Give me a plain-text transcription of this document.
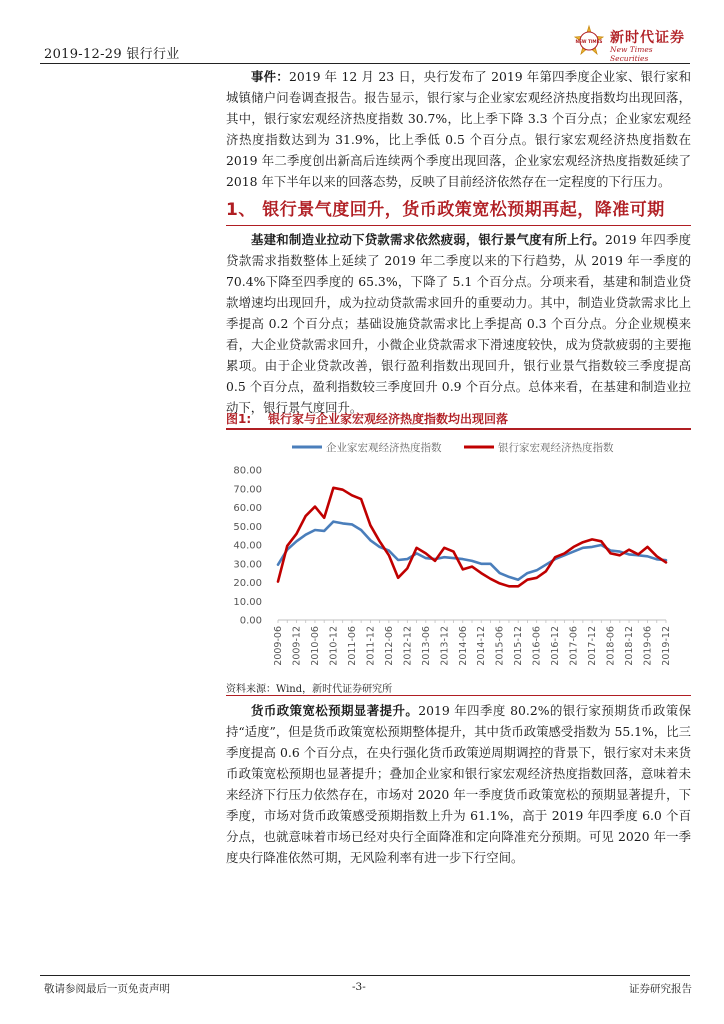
2019-12-29 银行行业
NEW TIMES 新时代证券
New Times Securities
事件：2019 年 12 月 23 日，央行发布了 2019 年第四季度企业家、银行家和城镇储户问卷调查报告。报告显示，银行家与企业家宏观经济热度指数均出现回落，其中，银行家宏观经济热度指数 30.7%，比上季下降 3.3 个百分点；企业家宏观经济热度指数达到为 31.9%，比上季低 0.5 个百分点。银行家宏观经济热度指数在 2019 年二季度创出新高后连续两个季度出现回落，企业家宏观经济热度指数延续了 2018 年下半年以来的回落态势，反映了目前经济依然存在一定程度的下行压力。
1、 银行景气度回升，货币政策宽松预期再起，降准可期
基建和制造业拉动下贷款需求依然疲弱，银行景气度有所上行。2019 年四季度贷款需求指数整体上延续了 2019 年二季度以来的下行趋势，从 2019 年一季度的 70.4%下降至四季度的 65.3%，下降了 5.1 个百分点。分项来看，基建和制造业贷款增速均出现回升，成为拉动贷款需求回升的重要动力。其中，制造业贷款需求比上季提高 0.2 个百分点；基础设施贷款需求比上季提高 0.3 个百分点。分企业规模来看，大企业贷款需求回升，小微企业贷款需求下滑速度较快，成为贷款疲弱的主要拖累项。由于企业贷款改善，银行盈利指数出现回升，银行业景气指数较三季度提高 0.5 个百分点，盈利指数较三季度回升 0.9 个百分点。总体来看，在基建和制造业拉动下，银行景气度回升。
图1: 银行家与企业家宏观经济热度指数均出现回落
企业家宏观经济热度指数	银行家宏观经济热度指数
80.00
70.00
60.00
50.00
40.00
30.00
20.00
10.00
0.00
2009-06 2009-12 2010-06 2010-12 2011-06 2011-12 2012-06 2012-12 2013-06 2013-12 2014-06 2014-12 2015-06 2015-12 2016-06 2016-12 2017-06 2017-12 2018-06 2018-12 2019-06 2019-12
资料来源：Wind，新时代证券研究所
货币政策宽松预期显著提升。2019 年四季度 80.2%的银行家预期货币政策保持“适度”，但是货币政策宽松预期整体提升，其中货币政策感受指数为 55.1%，比三季度提高 0.6 个百分点，在央行强化货币政策逆周期调控的背景下，银行家对未来货币政策宽松预期也显著提升；叠加企业家和银行家宏观经济热度指数回落，意味着未来经济下行压力依然存在，市场对 2020 年一季度货币政策宽松的预期显著提升，下季度，市场对货币政策感受预期指数上升为 61.1%，高于 2019 年四季度 6.0 个百分点，也就意味着市场已经对央行全面降准和定向降准充分预期。可见 2020 年一季度央行降准依然可期，无风险利率有进一步下行空间。
敬请参阅最后一页免责声明	-3-	证券研究报告
